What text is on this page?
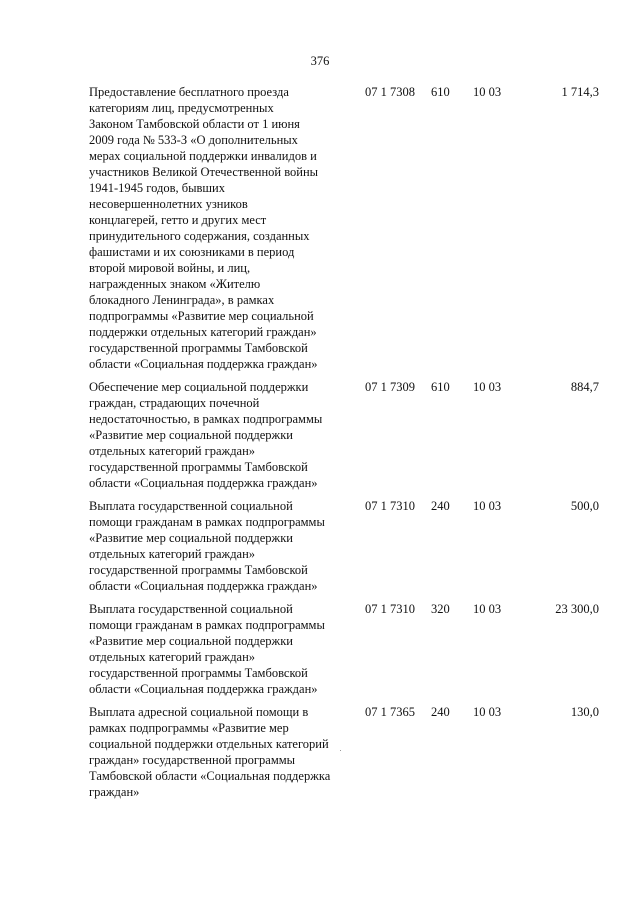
376
Предоставление бесплатного проезда
категориям лиц, предусмотренных
Законом Тамбовской области от 1 июня
2009 года № 533-З «О дополнительных
мерах социальной поддержки инвалидов и
участников Великой Отечественной войны
1941-1945 годов, бывших
несовершеннолетних узников
концлагерей, гетто и других мест
принудительного содержания, созданных
фашистами и их союзниками в период
второй мировой войны, и лиц,
награжденных знаком «Жителю
блокадного Ленинграда», в рамках
подпрограммы «Развитие мер социальной
поддержки отдельных категорий граждан»
государственной программы Тамбовской
области «Социальная поддержка граждан»
07 1 7308	610	10 03	1 714,3
Обеспечение мер социальной поддержки
граждан, страдающих почечной
недостаточностью, в рамках подпрограммы
«Развитие мер социальной поддержки
отдельных категорий граждан»
государственной программы Тамбовской
области «Социальная поддержка граждан»
07 1 7309	610	10 03	884,7
Выплата государственной социальной
помощи гражданам в рамках подпрограммы
«Развитие мер социальной поддержки
отдельных категорий граждан»
государственной программы Тамбовской
области «Социальная поддержка граждан»
07 1 7310	240	10 03	500,0
Выплата государственной социальной
помощи гражданам в рамках подпрограммы
«Развитие мер социальной поддержки
отдельных категорий граждан»
государственной программы Тамбовской
области «Социальная поддержка граждан»
07 1 7310	320	10 03	23 300,0
Выплата адресной социальной помощи в
рамках подпрограммы «Развитие мер
социальной поддержки отдельных категорий
граждан» государственной программы
Тамбовской области «Социальная поддержка
граждан»
07 1 7365	240	10 03	130,0
